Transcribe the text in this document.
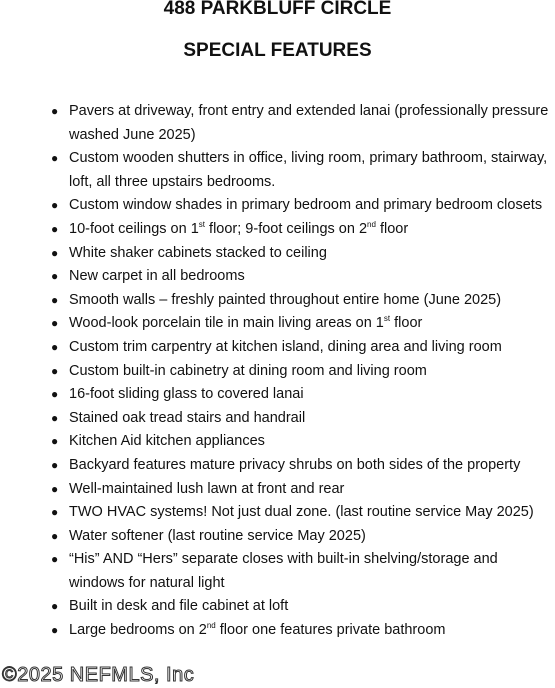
488 PARKBLUFF CIRCLE
SPECIAL FEATURES
● Pavers at driveway, front entry and extended lanai (professionally pressure washed June 2025)
● Custom wooden shutters in office, living room, primary bathroom, stairway, loft, all three upstairs bedrooms.
● Custom window shades in primary bedroom and primary bedroom closets
● 10-foot ceilings on 1st floor; 9-foot ceilings on 2nd floor
● White shaker cabinets stacked to ceiling
● New carpet in all bedrooms
● Smooth walls – freshly painted throughout entire home (June 2025)
● Wood-look porcelain tile in main living areas on 1st floor
● Custom trim carpentry at kitchen island, dining area and living room
● Custom built-in cabinetry at dining room and living room
● 16-foot sliding glass to covered lanai
● Stained oak tread stairs and handrail
● Kitchen Aid kitchen appliances
● Backyard features mature privacy shrubs on both sides of the property
● Well-maintained lush lawn at front and rear
● TWO HVAC systems! Not just dual zone. (last routine service May 2025)
● Water softener (last routine service May 2025)
● “His” AND “Hers” separate closes with built-in shelving/storage and windows for natural light
● Built in desk and file cabinet at loft
● Large bedrooms on 2nd floor one features private bathroom
©2025 NEFMLS, Inc
